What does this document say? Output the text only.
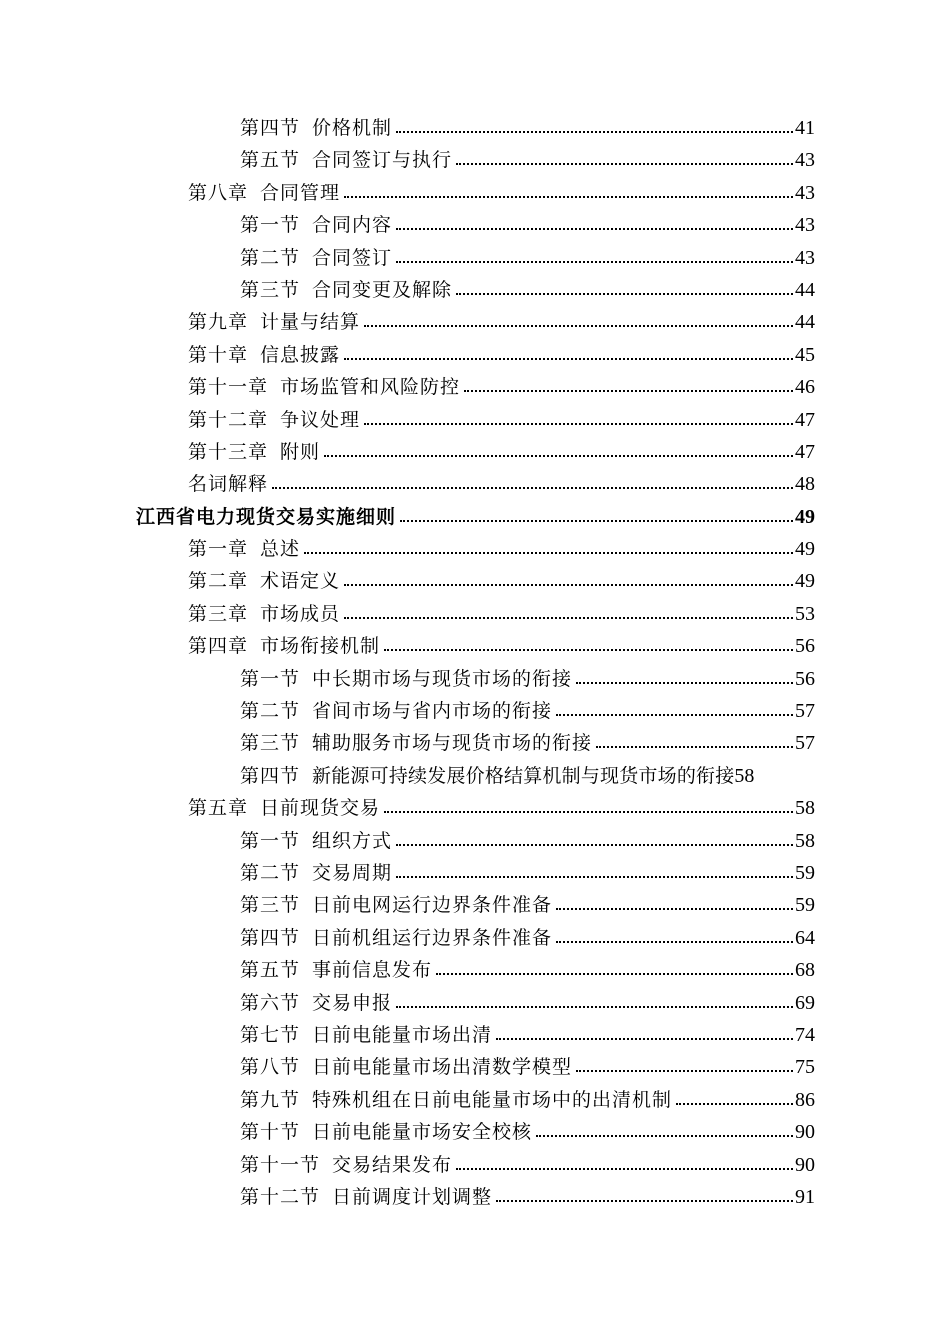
第四节 价格机制	41
第五节 合同签订与执行	43
第八章 合同管理	43
第一节 合同内容	43
第二节 合同签订	43
第三节 合同变更及解除	44
第九章 计量与结算	44
第十章 信息披露	45
第十一章 市场监管和风险防控	46
第十二章 争议处理	47
第十三章 附则	47
名词解释	48
江西省电力现货交易实施细则	49
第一章 总述	49
第二章 术语定义	49
第三章 市场成员	53
第四章 市场衔接机制	56
第一节 中长期市场与现货市场的衔接	56
第二节 省间市场与省内市场的衔接	57
第三节 辅助服务市场与现货市场的衔接	57
第四节 新能源可持续发展价格结算机制与现货市场的衔接 58
第五章 日前现货交易	58
第一节 组织方式	58
第二节 交易周期	59
第三节 日前电网运行边界条件准备	59
第四节 日前机组运行边界条件准备	64
第五节 事前信息发布	68
第六节 交易申报	69
第七节 日前电能量市场出清	74
第八节 日前电能量市场出清数学模型	75
第九节 特殊机组在日前电能量市场中的出清机制	86
第十节 日前电能量市场安全校核	90
第十一节 交易结果发布	90
第十二节 日前调度计划调整	91
